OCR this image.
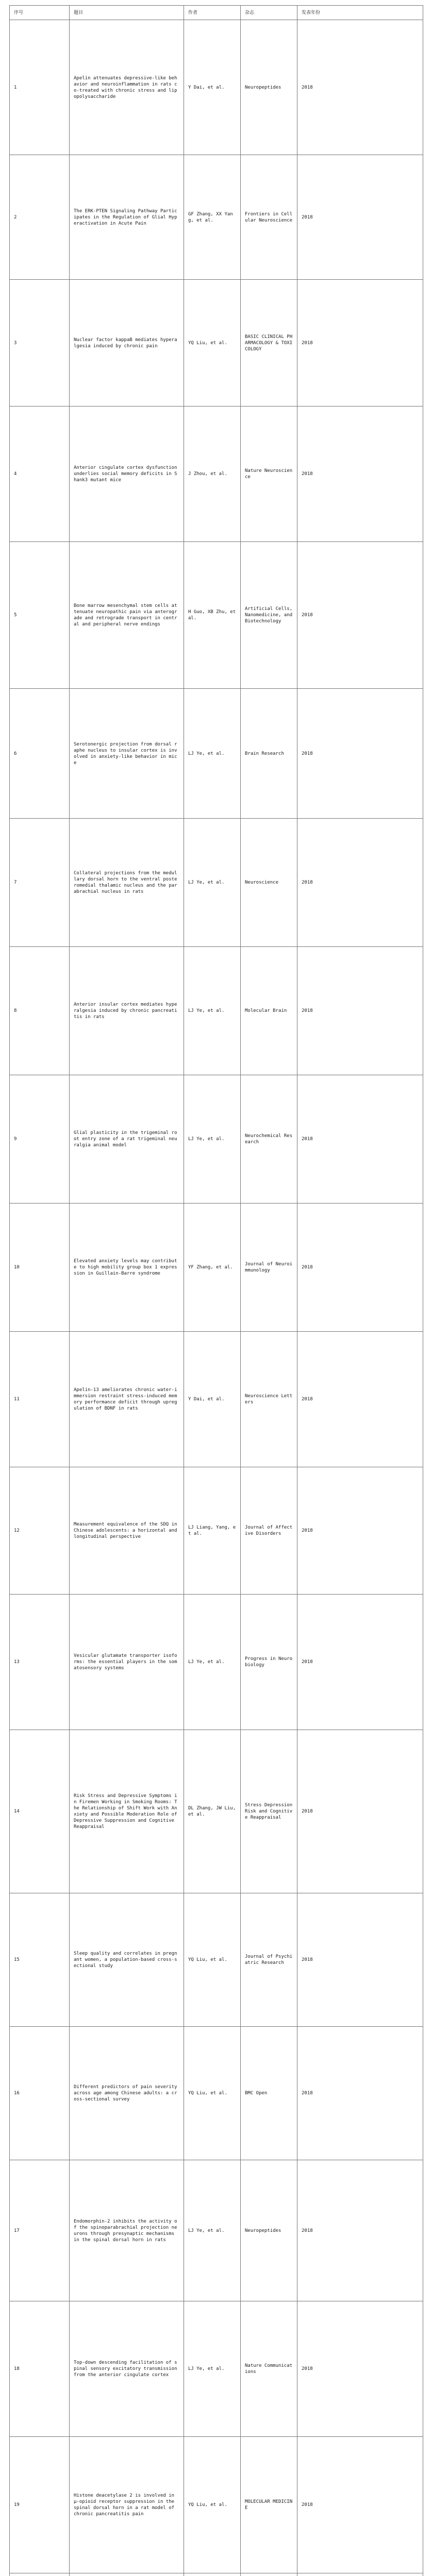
序号	题目	作者	杂志	发表年份
1	Apelin attenuates depressive-like behavior and neuroinflammation in rats co-treated with chronic stress and lipopolysaccharide	Y Dai, et al.	Neuropeptides	2018
2	The ERK-PTEN Signaling Pathway Participates in the Regulation of Glial Hyperactivation in Acute Pain	GF Zhang, XX Yang, et al.	Frontiers in Cellular Neuroscience	2018
3	Nuclear factor kappaB mediates hyperalgesia induced by chronic pain	YQ Liu, et al.	BASIC CLINICAL PHARMACOLOGY & TOXICOLOGY	2018
4	Anterior cingulate cortex dysfunction underlies social memory deficits in Shank3 mutant mice	J Zhou, et al.	Nature Neuroscience	2018
5	Bone marrow mesenchymal stem cells attenuate neuropathic pain via anterograde and retrograde transport in central and peripheral nerve endings	H Guo, XB Zhu, et al.	Artificial Cells, Nanomedicine, and Biotechnology	2018
6	Serotonergic projection from dorsal raphe nucleus to insular cortex is involved in anxiety-like behavior in mice	LJ Ye, et al.	Brain Research	2018
7	Collateral projections from the medullary dorsal horn to the ventral posteromedial thalamic nucleus and the parabrachial nucleus in rats	LJ Ye, et al.	Neuroscience	2018
8	Anterior insular cortex mediates hyperalgesia induced by chronic pancreatitis in rats	LJ Ye, et al.	Molecular Brain	2018
9	Glial plasticity in the trigeminal root entry zone of a rat trigeminal neuralgia animal model	LJ Ye, et al.	Neurochemical Research	2018
10	Elevated anxiety levels may contribute to high mobility group box 1 expression in Guillain-Barre syndrome	YF Zhang, et al.	Journal of Neuroimmunology	2018
11	Apelin-13 ameliorates chronic water-immersion restraint stress-induced memory performance deficit through upregulation of BDNF in rats	Y Dai, et al.	Neuroscience Letters	2018
12	Measurement equivalence of the SDQ in Chinese adolescents: a horizontal and longitudinal perspective	LJ Liang, Yang, et al.	Journal of Affective Disorders	2018
13	Vesicular glutamate transporter isoforms: the essential players in the somatosensory systems	LJ Ye, et al.	Progress in Neurobiology	2018
14	Risk Stress and Depressive Symptoms in Firemen Working in Smoking Rooms: The Relationship of Shift Work with Anxiety and Possible Moderation Role of Depressive Suppression and Cognitive Reappraisal	DL Zhang, JW Liu, et al.	Stress Depression Risk and Cognitive Reappraisal	2018
15	Sleep quality and correlates in pregnant women, a population-based cross-sectional study	YQ Liu, et al.	Journal of Psychiatric Research	2018
16	Different predictors of pain severity across age among Chinese adults: a cross-sectional survey	YQ Liu, et al.	BMC Open	2018
17	Endomorphin-2 inhibits the activity of the spinoparabrachial projection neurons through presynaptic mechanisms in the spinal dorsal horn in rats	LJ Ye, et al.	Neuropeptides	2018
18	Top-down descending facilitation of spinal sensory excitatory transmission from the anterior cingulate cortex	LJ Ye, et al.	Nature Communications	2018
19	Histone deacetylase 2 is involved in μ-opioid receptor suppression in the spinal dorsal horn in a rat model of chronic pancreatitis pain	YQ Liu, et al.	MOLECULAR MEDICINE	2018
